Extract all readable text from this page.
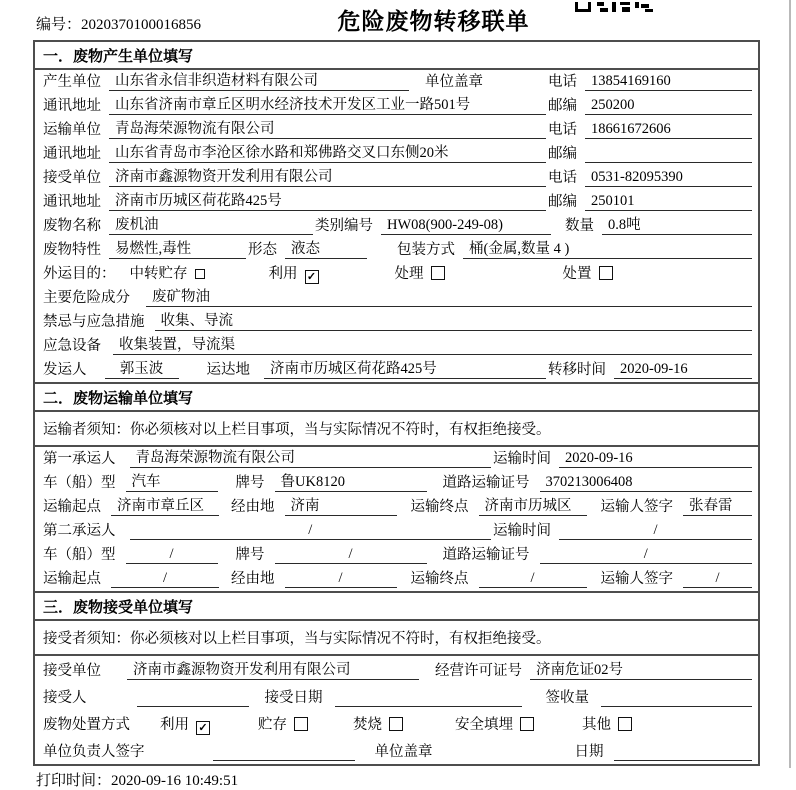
编号：2020370100016856	危险废物转移联单
一．废物产生单位填写
产生单位 山东省永信非织造材料有限公司	单位盖章	电话 13854169160
通讯地址 山东省济南市章丘区明水经济技术开发区工业一路501号	邮编 250200
运输单位 青岛海荣源物流有限公司	电话 18661672606
通讯地址 山东省青岛市李沧区徐水路和郑佛路交叉口东侧20米	邮编
接受单位 济南市鑫源物资开发利用有限公司	电话 0531-82095390
通讯地址 济南市历城区荷花路425号	邮编 250101
废物名称 废机油	类别编号 HW08(900-249-08)	数量 0.8吨
废物特性 易燃性,毒性	形态 液态	包装方式 桶(金属,数量 4 )
外运目的： 中转贮存	利用 ✓	处理	处置
主要危险成分	废矿物油
禁忌与应急措施	收集、导流
应急设备	收集装置，导流渠
发运人	郭玉波	运达地	济南市历城区荷花路425号	转移时间 2020-09-16
二．废物运输单位填写
运输者须知：你必须核对以上栏目事项，当与实际情况不符时，有权拒绝接受。
第一承运人	青岛海荣源物流有限公司	运输时间 2020-09-16
车（船）型	汽车	牌号	鲁UK8120	道路运输证号	370213006408
运输起点	济南市章丘区	经由地	济南	运输终点	济南市历城区	运输人签字	张春雷
第二承运人	/	运输时间	/
车（船）型	/	牌号	/	道路运输证号	/
运输起点	/	经由地	/	运输终点	/	运输人签字	/
三．废物接受单位填写
接受者须知：你必须核对以上栏目事项，当与实际情况不符时，有权拒绝接受。
接受单位	济南市鑫源物资开发利用有限公司	经营许可证号 济南危证02号
接受人	接受日期	签收量
废物处置方式 利用 ✓	贮存	焚烧	安全填埋	其他
单位负责人签字	单位盖章	日期
打印时间：2020-09-16 10:49:51
